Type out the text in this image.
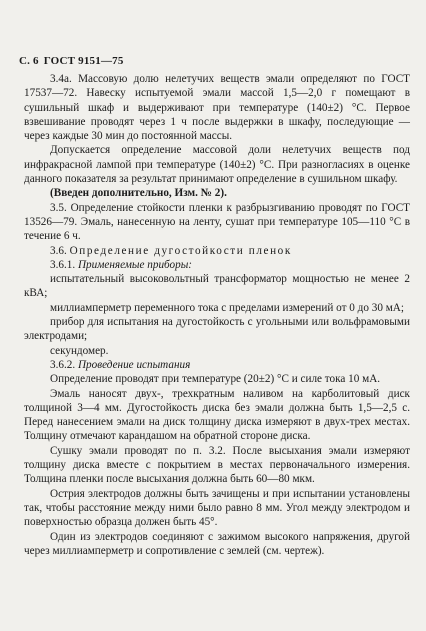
С. 6 ГОСТ 9151—75

3.4а. Массовую долю нелетучих веществ эмали определяют по ГОСТ 17537—72. Навеску испытуемой эмали массой 1,5—2,0 г помещают в сушильный шкаф и выдерживают при температуре (140±2) °С. Первое взвешивание проводят через 1 ч после выдержки в шкафу, последующие — через каждые 30 мин до постоянной массы.

Допускается определение массовой доли нелетучих веществ под инфракрасной лампой при температуре (140±2) °С. При разногласиях в оценке данного показателя за результат принимают определение в сушильном шкафу.

(Введен дополнительно, Изм. № 2).

3.5. Определение стойкости пленки к разбрызгиванию проводят по ГОСТ 13526—79. Эмаль, нанесенную на ленту, сушат при температуре 105—110 °С в течение 6 ч.

3.6. Определение дугостойкости пленок

3.6.1. Применяемые приборы:

испытательный высоковольтный трансформатор мощностью не менее 2 кВА;

миллиамперметр переменного тока с пределами измерений от 0 до 30 мА;

прибор для испытания на дугостойкость с угольными или вольфрамовыми электродами;

секундомер.

3.6.2. Проведение испытания

Определение проводят при температуре (20±2) °С и силе тока 10 мА.

Эмаль наносят двух-, трехкратным наливом на карболитовый диск толщиной 3—4 мм. Дугостойкость диска без эмали должна быть 1,5—2,5 с. Перед нанесением эмали на диск толщину диска измеряют в двух-трех местах. Толщину отмечают карандашом на обратной стороне диска.

Сушку эмали проводят по п. 3.2. После высыхания эмали измеряют толщину диска вместе с покрытием в местах первоначального измерения. Толщина пленки после высыхания должна быть 60—80 мкм.

Острия электродов должны быть зачищены и при испытании установлены так, чтобы расстояние между ними было равно 8 мм. Угол между электродом и поверхностью образца должен быть 45°.

Один из электродов соединяют с зажимом высокого напряжения, другой через миллиамперметр и сопротивление с землей (см. чертеж).
